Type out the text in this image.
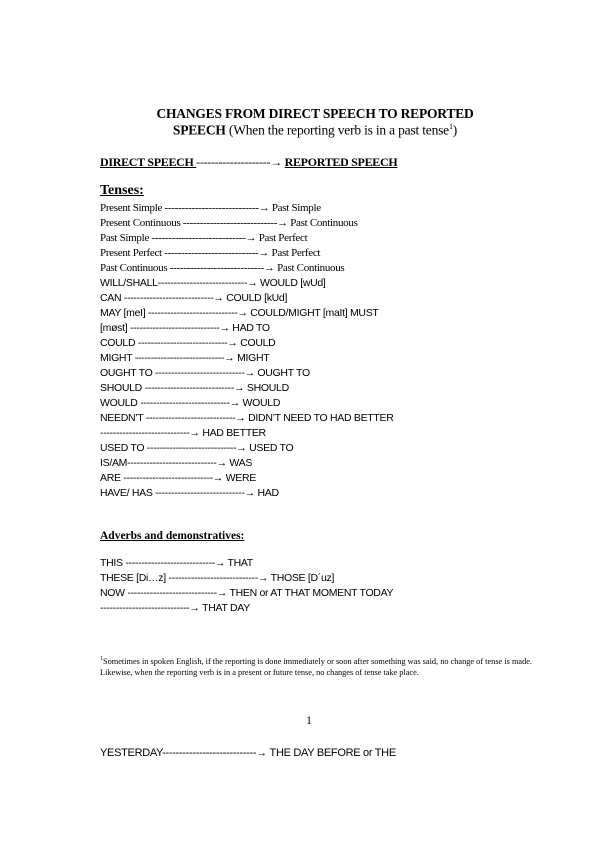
CHANGES FROM DIRECT SPEECH TO REPORTED
SPEECH (When the reporting verb is in a past tense$^1$)
DIRECT SPEECH --------------------→ REPORTED SPEECH
Tenses:
Present Simple ----------------------------→ Past Simple
Present Continuous ----------------------------→ Past Continuous
Past Simple ----------------------------→ Past Perfect
Present Perfect ----------------------------→ Past Perfect
Past Continuous ----------------------------→ Past Continuous
WILL/SHALL----------------------------→ WOULD [wUd]
CAN ----------------------------→ COULD [kUd]
MAY [meI] ----------------------------→ COULD/MIGHT [maIt] MUST
[møst] ----------------------------→ HAD TO
COULD ----------------------------→ COULD
MIGHT ----------------------------→ MIGHT
OUGHT TO ----------------------------→ OUGHT TO
SHOULD ----------------------------→ SHOULD
WOULD ----------------------------→ WOULD
NEEDN’T ----------------------------→ DIDN’T NEED TO HAD BETTER
----------------------------→ HAD BETTER
USED TO ----------------------------→ USED TO
IS/AM----------------------------→ WAS
ARE ----------------------------→ WERE
HAVE/ HAS ----------------------------→ HAD
Adverbs and demonstratives:
THIS ----------------------------→ THAT
THESE [Di…z] ----------------------------→ THOSE [D´uz]
NOW ----------------------------→ THEN or AT THAT MOMENT TODAY
----------------------------→ THAT DAY
$^1$Sometimes in spoken English, if the reporting is done immediately or soon after something was said, no change of tense is made. Likewise, when the reporting verb is in a present or future tense, no changes of tense take place.
1
YESTERDAY----------------------------→ THE DAY BEFORE or THE
